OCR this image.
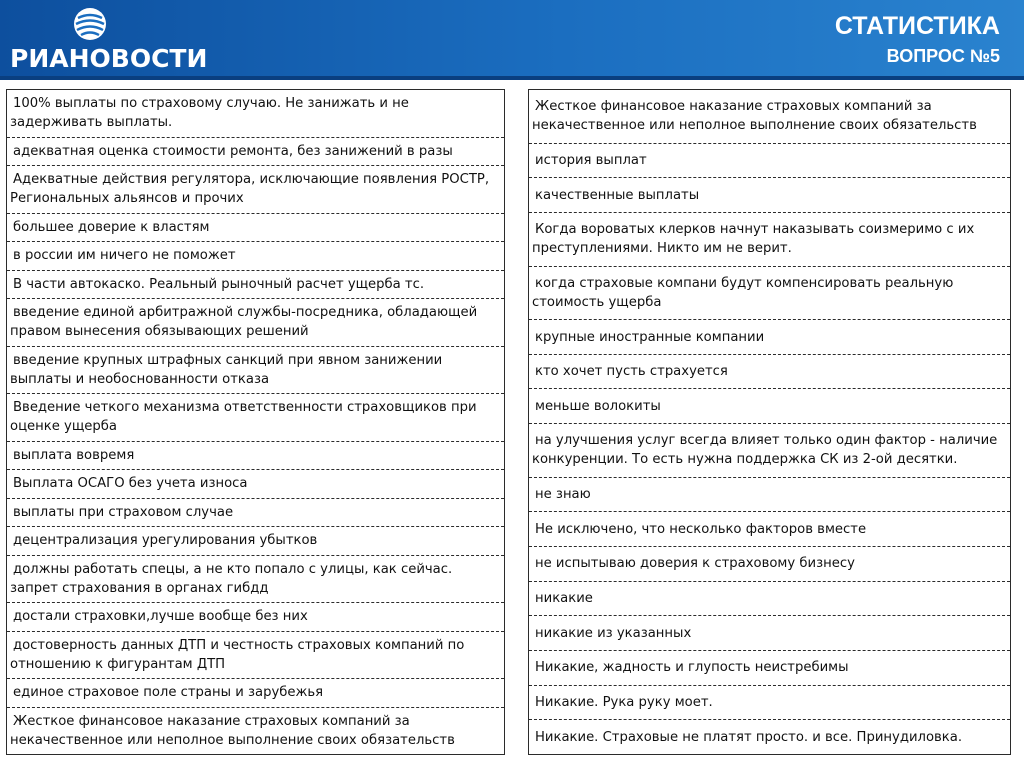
РИАНОВОСТИ
СТАТИСТИКА
ВОПРОС №5
100% выплаты по страховому случаю. Не занижать и не задерживать выплаты.
адекватная оценка стоимости ремонта, без занижений в разы
Адекватные действия регулятора, исключающие появления РОСТР, Региональных альянсов и прочих
большее доверие к властям
в россии им ничего не поможет
В части автокаско. Реальный рыночный расчет ущерба тс.
введение единой арбитражной службы-посредника, обладающей правом вынесения обязывающих решений
введение крупных штрафных санкций при явном занижении выплаты и необоснованности отказа
Введение четкого механизма ответственности страховщиков при оценке ущерба
выплата вовремя
Выплата ОСАГО без учета износа
выплаты при страховом случае
децентрализация урегулирования убытков
должны работать спецы, а не кто попало с улицы, как сейчас. запрет страхования в органах гибдд
достали страховки,лучше вообще без них
достоверность данных ДТП и честность страховых компаний по отношению к фигурантам ДТП
единое страховое поле страны и зарубежья
Жесткое финансовое наказание страховых компаний за некачественное или неполное выполнение своих обязательств
Жесткое финансовое наказание страховых компаний за некачественное или неполное выполнение своих обязательств
история выплат
качественные выплаты
Когда вороватых клерков начнут наказывать соизмеримо с их преступлениями. Никто им не верит.
когда страховые компани будут компенсировать реальную стоимость ущерба
крупные иностранные компании
кто хочет пусть страхуется
меньше волокиты
на улучшения услуг всегда влияет только один фактор - наличие конкуренции. То есть нужна поддержка СК из 2-ой десятки.
не знаю
Не исключено, что несколько факторов вместе
не испытываю доверия к страховому бизнесу
никакие
никакие из указанных
Никакие, жадность и глупость неистребимы
Никакие. Рука руку моет.
Никакие. Страховые не платят просто. и все. Принудиловка.
